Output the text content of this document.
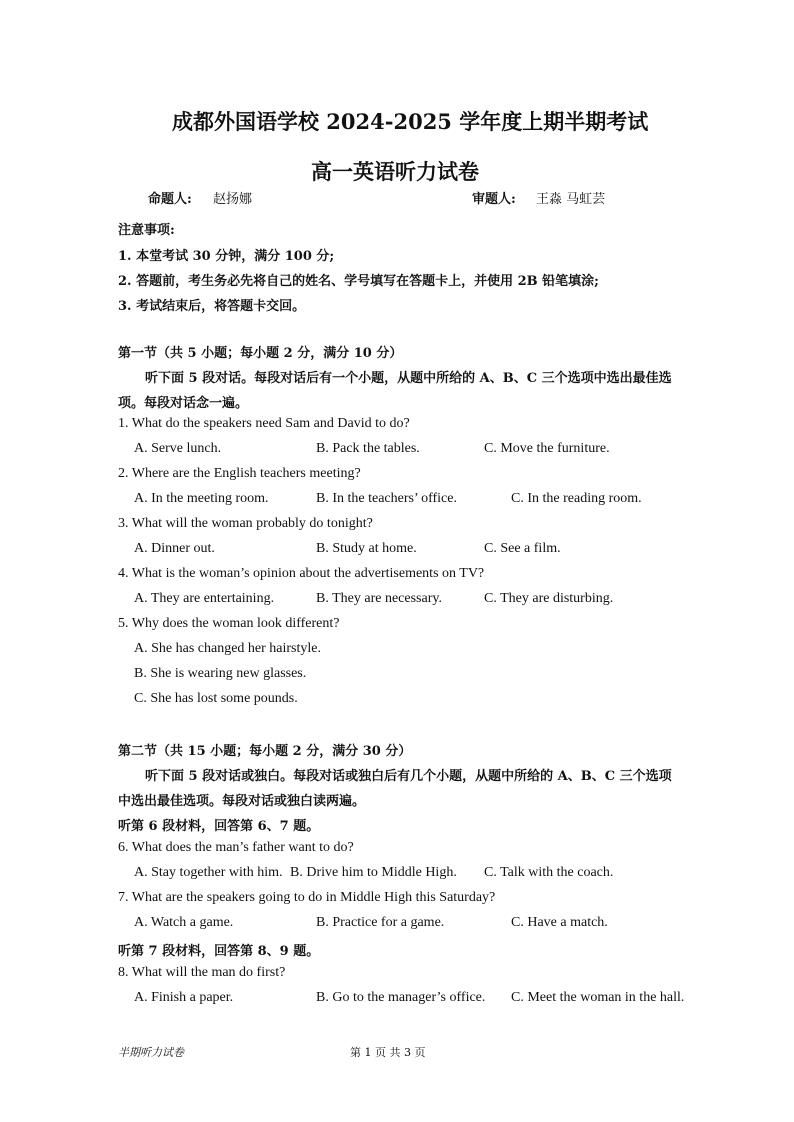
成都外国语学校 2024-2025 学年度上期半期考试
高一英语听力试卷
命题人: 赵扬娜	审题人: 王淼 马虹芸
注意事项:
1. 本堂考试 30 分钟，满分 100 分;
2. 答题前，考生务必先将自己的姓名、学号填写在答题卡上，并使用 2B 铅笔填涂;
3. 考试结束后，将答题卡交回。
第一节（共 5 小题；每小题 2 分，满分 10 分）
听下面 5 段对话。每段对话后有一个小题，从题中所给的 A、B、C 三个选项中选出最佳选
项。每段对话念一遍。
1. What do the speakers need Sam and David to do?
A. Serve lunch.	B. Pack the tables.	C. Move the furniture.
2. Where are the English teachers meeting?
A. In the meeting room.	B. In the teachers’ office.	C. In the reading room.
3. What will the woman probably do tonight?
A. Dinner out.	B. Study at home.	C. See a film.
4. What is the woman’s opinion about the advertisements on TV?
A. They are entertaining.	B. They are necessary.	C. They are disturbing.
5. Why does the woman look different?
A. She has changed her hairstyle.
B. She is wearing new glasses.
C. She has lost some pounds.
第二节（共 15 小题；每小题 2 分，满分 30 分）
听下面 5 段对话或独白。每段对话或独白后有几个小题，从题中所给的 A、B、C 三个选项
中选出最佳选项。每段对话或独白读两遍。
听第 6 段材料，回答第 6、7 题。
6. What does the man’s father want to do?
A. Stay together with him. B. Drive him to Middle High. C. Talk with the coach.
7. What are the speakers going to do in Middle High this Saturday?
A. Watch a game.	B. Practice for a game.	C. Have a match.
听第 7 段材料，回答第 8、9 题。
8. What will the man do first?
A. Finish a paper.	B. Go to the manager’s office. C. Meet the woman in the hall.
半期听力试卷	第 1 页 共 3 页
